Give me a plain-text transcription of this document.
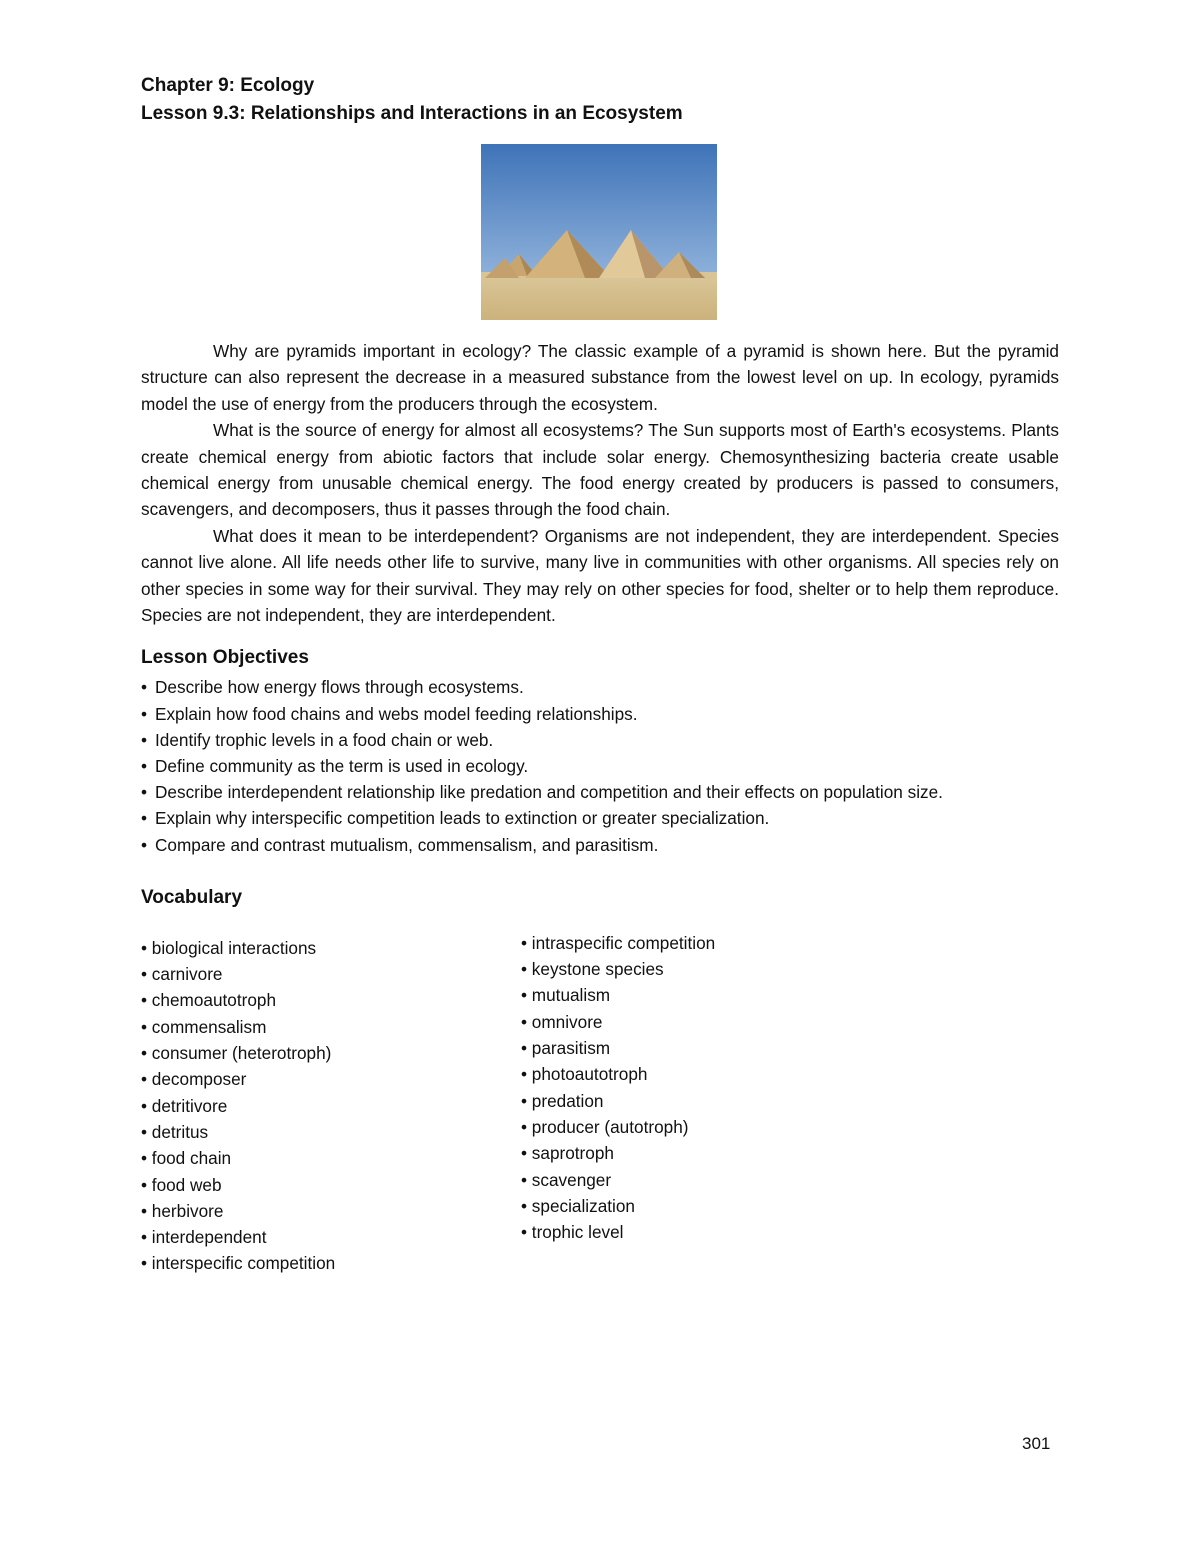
Chapter 9: Ecology

Lesson 9.3: Relationships and Interactions in an Ecosystem

Why are pyramids important in ecology? The classic example of a pyramid is shown here. But the pyramid structure can also represent the decrease in a measured substance from the lowest level on up. In ecology, pyramids model the use of energy from the producers through the ecosystem.

What is the source of energy for almost all ecosystems? The Sun supports most of Earth's ecosystems. Plants create chemical energy from abiotic factors that include solar energy. Chemosynthesizing bacteria create usable chemical energy from unusable chemical energy. The food energy created by producers is passed to consumers, scavengers, and decomposers, thus it passes through the food chain.

What does it mean to be interdependent? Organisms are not independent, they are interdependent. Species cannot live alone. All life needs other life to survive, many live in communities with other organisms. All species rely on other species in some way for their survival. They may rely on other species for food, shelter or to help them reproduce. Species are not independent, they are interdependent.

Lesson Objectives
• Describe how energy flows through ecosystems.
• Explain how food chains and webs model feeding relationships.
• Identify trophic levels in a food chain or web.
• Define community as the term is used in ecology.
• Describe interdependent relationship like predation and competition and their effects on population size.
• Explain why interspecific competition leads to extinction or greater specialization.
• Compare and contrast mutualism, commensalism, and parasitism.
Vocabulary
• biological interactions
• carnivore
• chemoautotroph
• commensalism
• consumer (heterotroph)
• decomposer
• detritivore
• detritus
• food chain
• food web
• herbivore
• interdependent
• interspecific competition
• intraspecific competition
• keystone species
• mutualism
• omnivore
• parasitism
• photoautotroph
• predation
• producer (autotroph)
• saprotroph
• scavenger
• specialization
• trophic level
301
